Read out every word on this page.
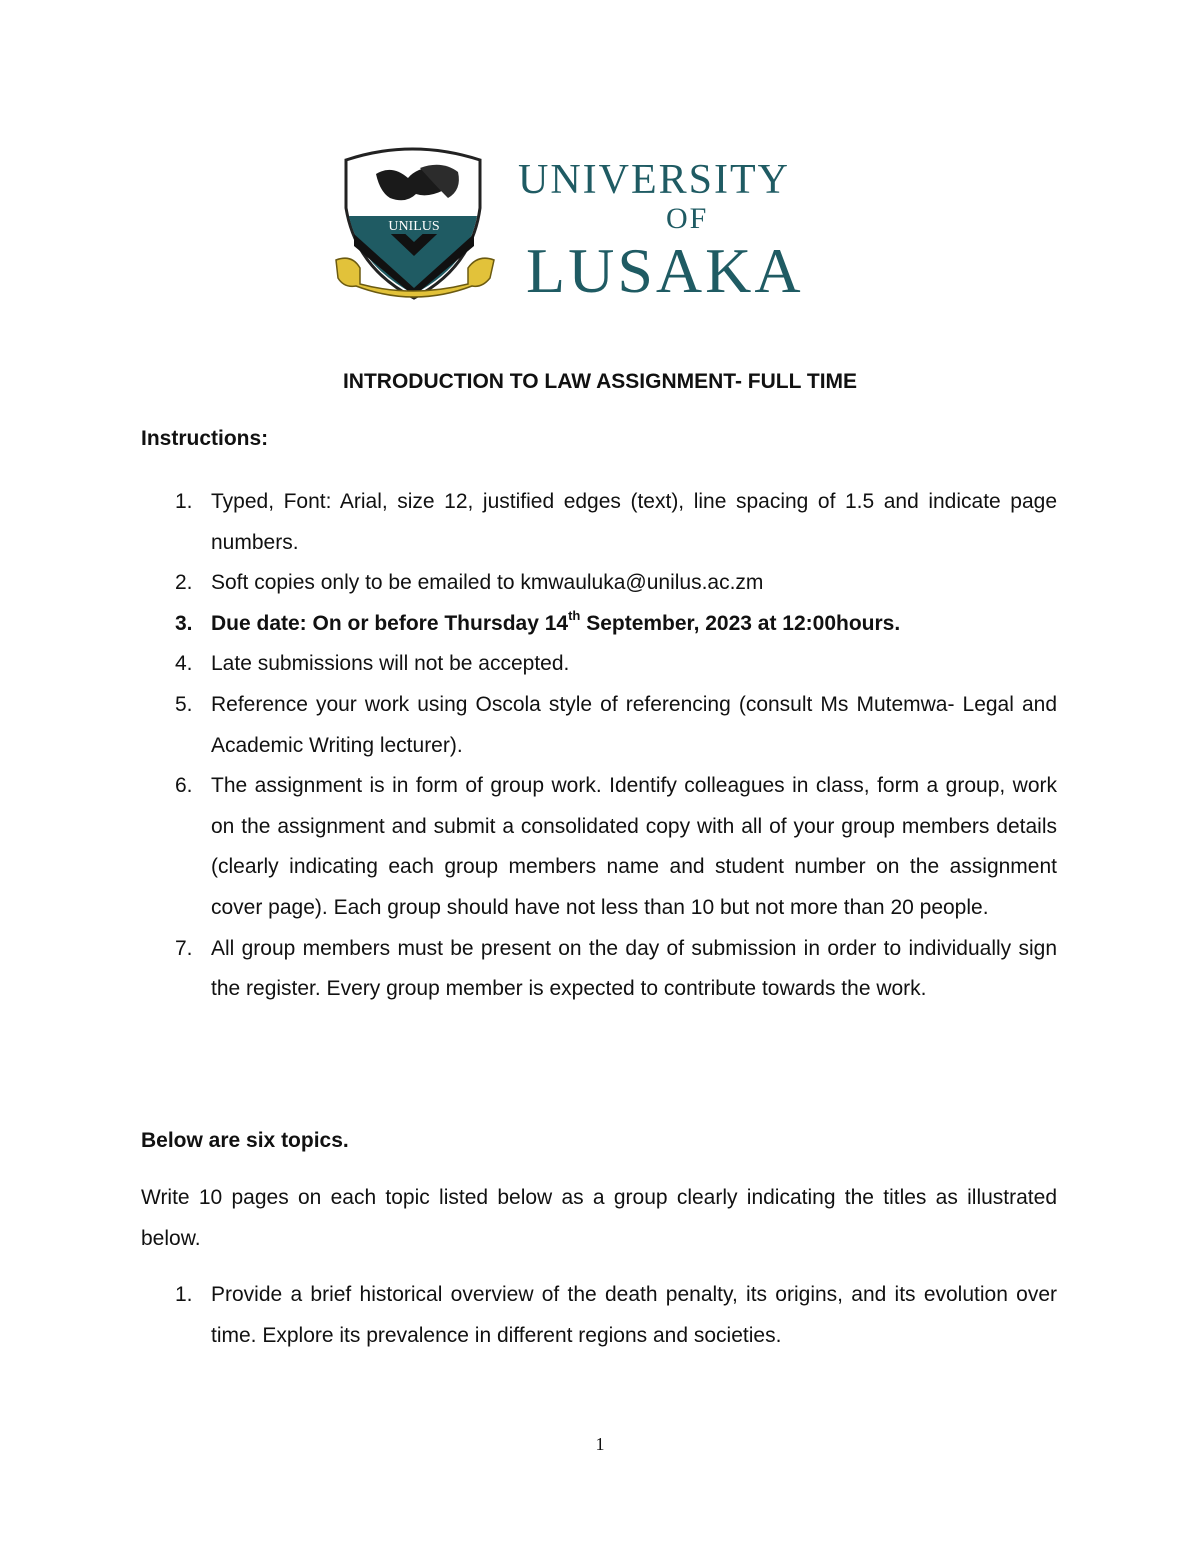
UNILUS
UNIVERSITY
OF
LUSAKA
INTRODUCTION TO LAW ASSIGNMENT- FULL TIME
Instructions:
1. Typed, Font: Arial, size 12, justified edges (text), line spacing of 1.5 and indicate page numbers.
2. Soft copies only to be emailed to kmwauluka@unilus.ac.zm
3. Due date: On or before Thursday 14th September, 2023 at 12:00hours.
4. Late submissions will not be accepted.
5. Reference your work using Oscola style of referencing (consult Ms Mutemwa- Legal and Academic Writing lecturer).
6. The assignment is in form of group work. Identify colleagues in class, form a group, work on the assignment and submit a consolidated copy with all of your group members details (clearly indicating each group members name and student number on the assignment cover page). Each group should have not less than 10 but not more than 20 people.
7. All group members must be present on the day of submission in order to individually sign the register. Every group member is expected to contribute towards the work.
Below are six topics.
Write 10 pages on each topic listed below as a group clearly indicating the titles as illustrated below.
1. Provide a brief historical overview of the death penalty, its origins, and its evolution over time. Explore its prevalence in different regions and societies.
1
